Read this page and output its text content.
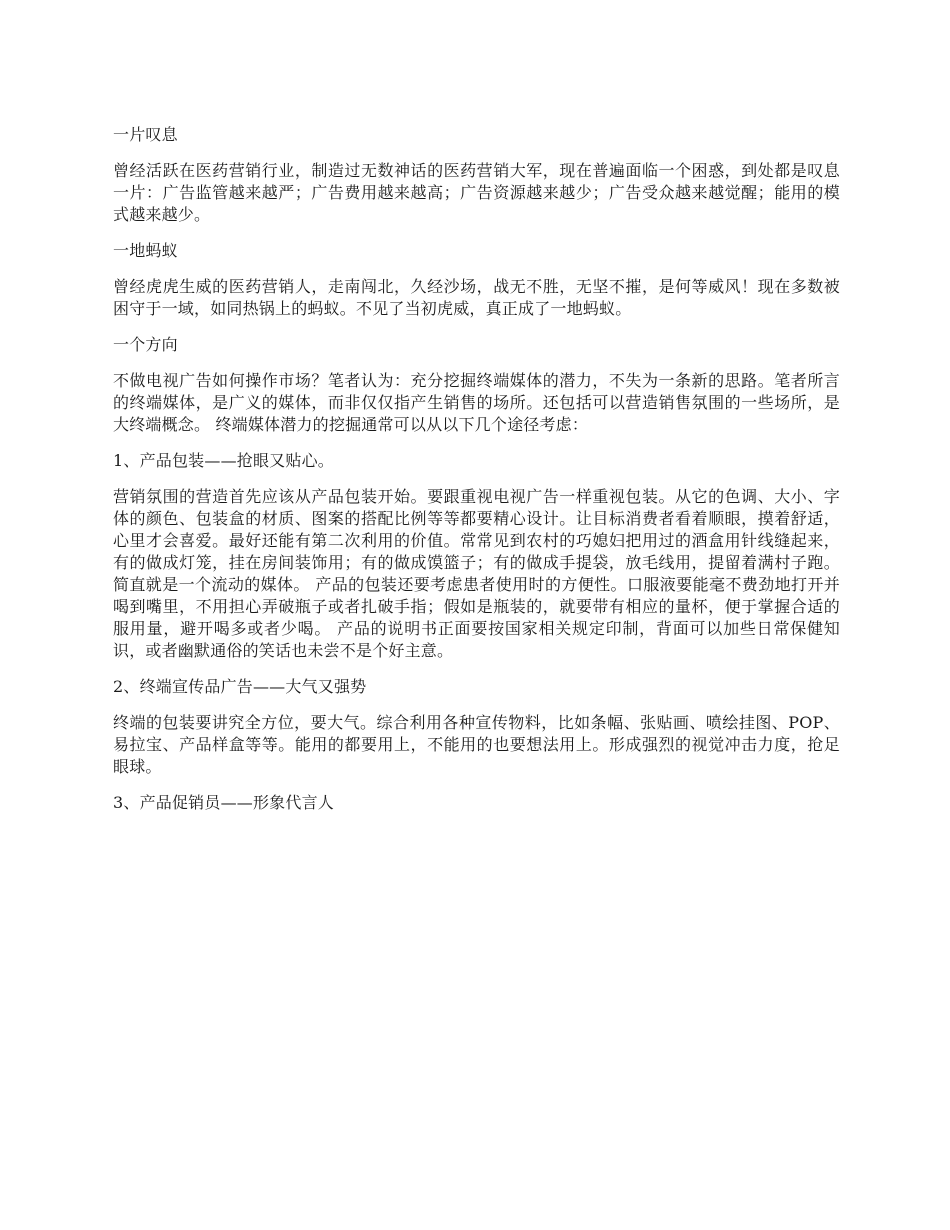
一片叹息

曾经活跃在医药营销行业，制造过无数神话的医药营销大军，现在普遍面临一个困惑，到处都是叹息一片：广告监管越来越严；广告费用越来越高；广告资源越来越少；广告受众越来越觉醒；能用的模式越来越少。

一地蚂蚁

曾经虎虎生威的医药营销人，走南闯北，久经沙场，战无不胜，无坚不摧，是何等威风！现在多数被困守于一域，如同热锅上的蚂蚁。不见了当初虎威，真正成了一地蚂蚁。

一个方向

不做电视广告如何操作市场？笔者认为：充分挖掘终端媒体的潜力，不失为一条新的思路。笔者所言的终端媒体，是广义的媒体，而非仅仅指产生销售的场所。还包括可以营造销售氛围的一些场所，是大终端概念。 终端媒体潜力的挖掘通常可以从以下几个途径考虑：

1、产品包装——抢眼又贴心。

营销氛围的营造首先应该从产品包装开始。要跟重视电视广告一样重视包装。从它的色调、大小、字体的颜色、包装盒的材质、图案的搭配比例等等都要精心设计。让目标消费者看着顺眼，摸着舒适，心里才会喜爱。最好还能有第二次利用的价值。常常见到农村的巧媳妇把用过的酒盒用针线缝起来，有的做成灯笼，挂在房间装饰用；有的做成馍篮子；有的做成手提袋，放毛线用，提留着满村子跑。简直就是一个流动的媒体。 产品的包装还要考虑患者使用时的方便性。口服液要能毫不费劲地打开并喝到嘴里，不用担心弄破瓶子或者扎破手指；假如是瓶装的，就要带有相应的量杯，便于掌握合适的服用量，避开喝多或者少喝。 产品的说明书正面要按国家相关规定印制，背面可以加些日常保健知识，或者幽默通俗的笑话也未尝不是个好主意。

2、终端宣传品广告——大气又强势

终端的包装要讲究全方位，要大气。综合利用各种宣传物料，比如条幅、张贴画、喷绘挂图、POP、易拉宝、产品样盒等等。能用的都要用上，不能用的也要想法用上。形成强烈的视觉冲击力度，抢足眼球。

3、产品促销员——形象代言人
